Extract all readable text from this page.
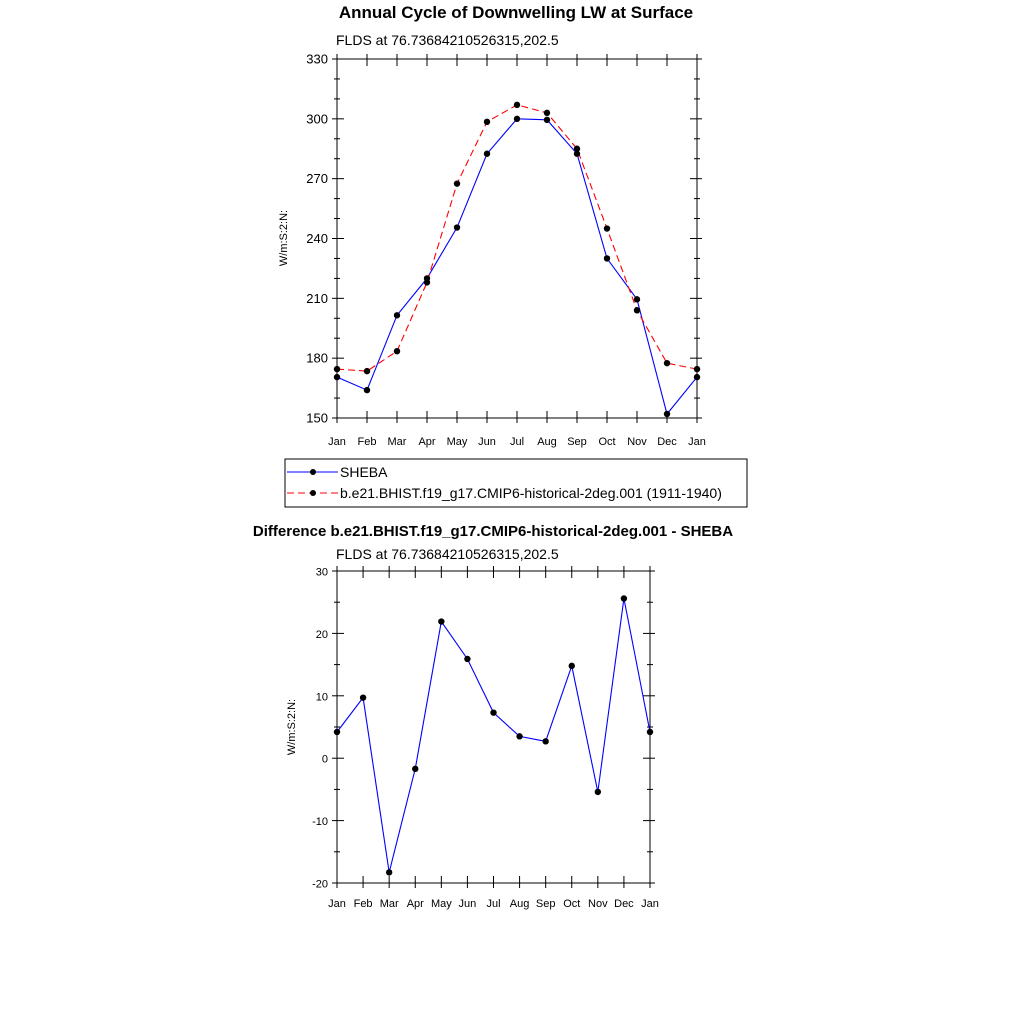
Annual Cycle of Downwelling LW at Surface
FLDS at 76.73684210526315,202.5
W/m:S:2:N:
150
180
210
240
270
300
330
Jan Feb Mar Apr May Jun Jul Aug Sep Oct Nov Dec Jan
SHEBA
b.e21.BHIST.f19_g17.CMIP6-historical-2deg.001 (1911-1940)
Difference b.e21.BHIST.f19_g17.CMIP6-historical-2deg.001 - SHEBA
FLDS at 76.73684210526315,202.5
W/m:S:2:N:
-20
-10
0
10
20
30
Jan Feb Mar Apr May Jun Jul Aug Sep Oct Nov Dec Jan
